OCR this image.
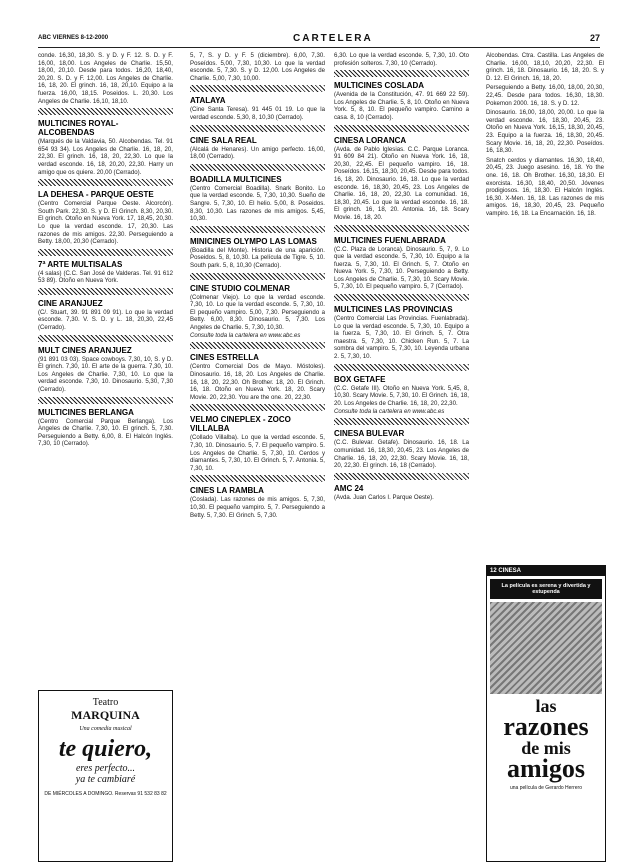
ABC VIERNES 8-12-2000	CARTELERA	27

conde. 16,30, 18,30. S. y D. y F. 12. S. D. y F. 16,00, 18,00. Los Angeles de Charlie. 15,50, 18,00, 20,10. Desde para todos. 16,20, 18,40, 20,20. S. D. y F. 12,00. Los Angeles de Charlie. 16, 18, 20. El grinch. 16, 18, 20,10. Equipo a la fuerza. 16,00, 18,15. Poseidos. L. 20,30. Los Angeles de Charlie. 16,10, 18,10.

MULTICINES ROYAL-ALCOBENDAS

(Marqués de la Valdavia, 50. Alcobendas. Tel. 91 654 93 34). Los Angeles de Charlie. 16, 18, 20, 22,30. El grinch. 16, 18, 20, 22,30. Lo que la verdad esconde. 16, 18, 20,20, 22,30. Harry un amigo que os quiere. 20,00 (Cerrado).

LA DEHESA - PARQUE OESTE

(Centro Comercial Parque Oeste. Alcorcón). South Park. 22,30. S. y D. El Grinch. 8,30, 20,30. El grinch. Otoño en Nueva York. 17, 18,45, 20,30. Lo que la verdad esconde. 17, 20,30. Las razones de mis amigos. 22,30. Perseguiendo a Betty. 18,00, 20,30 (Cerrado).

7ª ARTE MULTISALAS

(4 salas) (C.C. San José de Valderas. Tel. 91 612 53 89). Otoño en Nueva York.

CINE ARANJUEZ

(C/. Stuart, 39. 91 891 09 91). Lo que la verdad esconde. 7,30. V. S. D. y L. 18, 20,30, 22,45 (Cerrado).

MULT CINES ARANJUEZ

(91 891 03 03). Space cowboys. 7,30, 10, S. y D. El grinch. 7,30, 10. El arte de la guerra. 7,30, 10. Los Angeles de Charlie. 7,30, 10. Lo que la verdad esconde. 7,30, 10. Dinosaurio. 5,30, 7,30 (Cerrado).

MULTICINES BERLANGA

(Centro Comercial Parque Berlanga). Los Angeles de Charlie. 7,30, 10. El grinch. 5, 7,30. Perseguiendo a Betty. 6,00, 8. El Halcón Inglés. 7,30, 10 (Cerrado).

5, 7, S. y D. y F. 5 (diciembre). 6,00, 7,30. Poseídos. 5,00, 7,30, 10,30. Lo que la verdad esconde. 5, 7,30. S. y D. 12,00. Los Angeles de Charlie. 5,00, 7,30, 10,00.

ATALAYA

(Cine Santa Teresa). 91 445 01 19. Lo que la verdad esconde. 5,30, 8, 10,30 (Cerrado).

CINE SALA REAL

(Alcalá de Henares). Un amigo perfecto. 16,00, 18,00 (Cerrado).

BOADILLA MULTICINES

(Centro Comercial Boadilla). Snark Bonito. Lo que la verdad esconde. 5, 7,30, 10,30. Sueño de Sangre. 5, 7,30, 10. El helio. 5,00, 8. Poseidos. 8,30, 10,30. Las razones de mis amigos. 5,45, 10,30.

MINICINES OLYMPO LAS LOMAS

(Boadilla del Monte). Historia de una aparición. Poseidos. 5, 8, 10,30. La película de Tigre. 5, 10. South park. 5, 8, 10,30 (Cerrado).

CINE STUDIO COLMENAR

(Colmenar Viejo). Lo que la verdad esconde. 7,30, 10. Lo que la verdad esconde. 5, 7,30, 10. El pequeño vampiro. 5,00, 7,30. Perseguiendo a Betty. 6,00, 8,30. Dinosaurio. 5, 7,30. Los Angeles de Charlie. 5, 7,30, 10,30.

Consulte toda la cartelera en www.abc.es
CINES ESTRELLA

(Centro Comercial Dos de Mayo. Móstoles). Dinosaurio. 16, 18, 20. Los Angeles de Charlie. 16, 18, 20, 22,30. Oh Brother. 18, 20. El Grinch. 16, 18. Otoño en Nueva York. 18, 20. Scary Movie. 20, 22,30. You are the one. 20, 22,30.

VELMO CINEPLEX - ZOCO VILLALBA

(Collado Villalba). Lo que la verdad esconde. 5, 7,30, 10. Dinosaurio. 5, 7. El pequeño vampiro. 5. Los Angeles de Charlie. 5, 7,30, 10. Cerdos y diamantes. 5, 7,30, 10. El Grinch. 5, 7. Antonia. 5, 7,30, 10.

CINES LA RAMBLA

(Coslada). Las razones de mis amigos. 5, 7,30, 10,30. El pequeño vampiro. 5, 7. Perseguiendo a Betty. 5, 7,30. El Grinch. 5, 7,30.

6,30. Lo que la verdad esconde. 5, 7,30, 10. Oto profesión solteros. 7,30, 10 (Cerrado).

MULTICINES COSLADA

(Avenida de la Constitución, 47. 91 669 22 59). Los Angeles de Charlie. 5, 8, 10. Otoño en Nueva York. 5, 8, 10. El pequeño vampiro. Camino a casa. 8, 10 (Cerrado).

CINESA LORANCA

(Avda. de Pablo Iglesias. C.C. Parque Loranca. 91 609 84 21). Otoño en Nueva York. 16, 18, 20,30, 22,45. El pequeño vampiro. 16, 18. Poseídos. 16,15, 18,30, 20,45. Desde para todos. 16, 18, 20. Dinosaurio. 16, 18. Lo que la verdad esconde. 16, 18,30, 20,45, 23. Los Angeles de Charlie. 16, 18, 20, 22,30. La comunidad. 16, 18,30, 20,45. Lo que la verdad esconde. 16, 18. El grinch. 16, 18, 20. Antonia. 16, 18. Scary Movie. 16, 18, 20.

MULTICINES FUENLABRADA

(C.C. Plaza de Loranca). Dinosaurio. 5, 7, 9. Lo que la verdad esconde. 5, 7,30, 10. Equipo a la fuerza. 5, 7,30, 10. El Grinch. 5, 7. Otoño en Nueva York. 5, 7,30, 10. Perseguiendo a Betty. Los Angeles de Charlie. 5, 7,30, 10. Scary Movie. 5, 7,30, 10. El pequeño vampiro. 5, 7 (Cerrado).

MULTICINES LAS PROVINCIAS

(Centro Comercial Las Provincias. Fuenlabrada). Lo que la verdad esconde. 5, 7,30, 10. Equipo a la fuerza. 5, 7,30, 10. El Grinch. 5, 7. Otra maestra. 5, 7,30, 10. Chicken Run. 5, 7. La sombra del vampiro. 5, 7,30, 10. Leyenda urbana 2. 5, 7,30, 10.

BOX GETAFE

(C.C. Getafe III). Otoño en Nueva York. 5,45, 8, 10,30. Scary Movie. 5, 7,30, 10. El Grinch. 16, 18, 20. Los Angeles de Charlie. 16, 18, 20, 22,30.

Consulte toda la cartelera en www.abc.es
CINESA BULEVAR

(C.C. Bulevar. Getafe). Dinosaurio. 16, 18. La comunidad. 16, 18,30, 20,45, 23. Los Angeles de Charlie. 16, 18, 20, 22,30. Scary Movie. 16, 18, 20, 22,30. El grinch. 16, 18 (Cerrado).

AMC 24

(Avda. Juan Carlos I. Parque Oeste).

Alcobendas. Ctra. Castilla. Las Angeles de Charlie. 16,00, 18,10, 20,20, 22,30. El grinch. 16, 18. Dinosaurio. 16, 18, 20. S. y D. 12. El Grinch. 16, 18, 20.

Perseguiendo a Betty. 16,00, 18,00, 20,30, 22,45. Desde para todos. 16,30, 18,30. Pokemon 2000. 16, 18. S. y D. 12.

Dinosaurio. 16,00, 18,00, 20,00. Lo que la verdad esconde. 16, 18,30, 20,45, 23. Otoño en Nueva York. 16,15, 18,30, 20,45, 23. Equipo a la fuerza. 16, 18,30, 20,45. Scary Movie. 16, 18, 20, 22,30. Poseídos. 16, 18,30.

Snatch cerdos y diamantes. 16,30, 18,40, 20,45, 23. Juego asesino. 16, 18. Yo the one. 16, 18. Oh Brother. 16,30, 18,30. El exorcista. 16,30, 18,40, 20,50. Jóvenes prodigiosos. 16, 18,30. El Halcón Inglés. 16,30. X-Men. 16, 18. Las razones de mis amigos. 16, 18,30, 20,45, 23. Pequeño vampiro. 16, 18. La Encarnación. 16, 18.

Teatro
MARQUINA
Una comedia musical
te quiero,
eres perfecto...
ya te cambiaré
DE MIÉRCOLES A DOMINGO. Reservas 91 532 83 82
12 CINESA
La película es serena y divertida y estupenda
las
razones
de mis
amigos
una película de Gerardo Herrero
